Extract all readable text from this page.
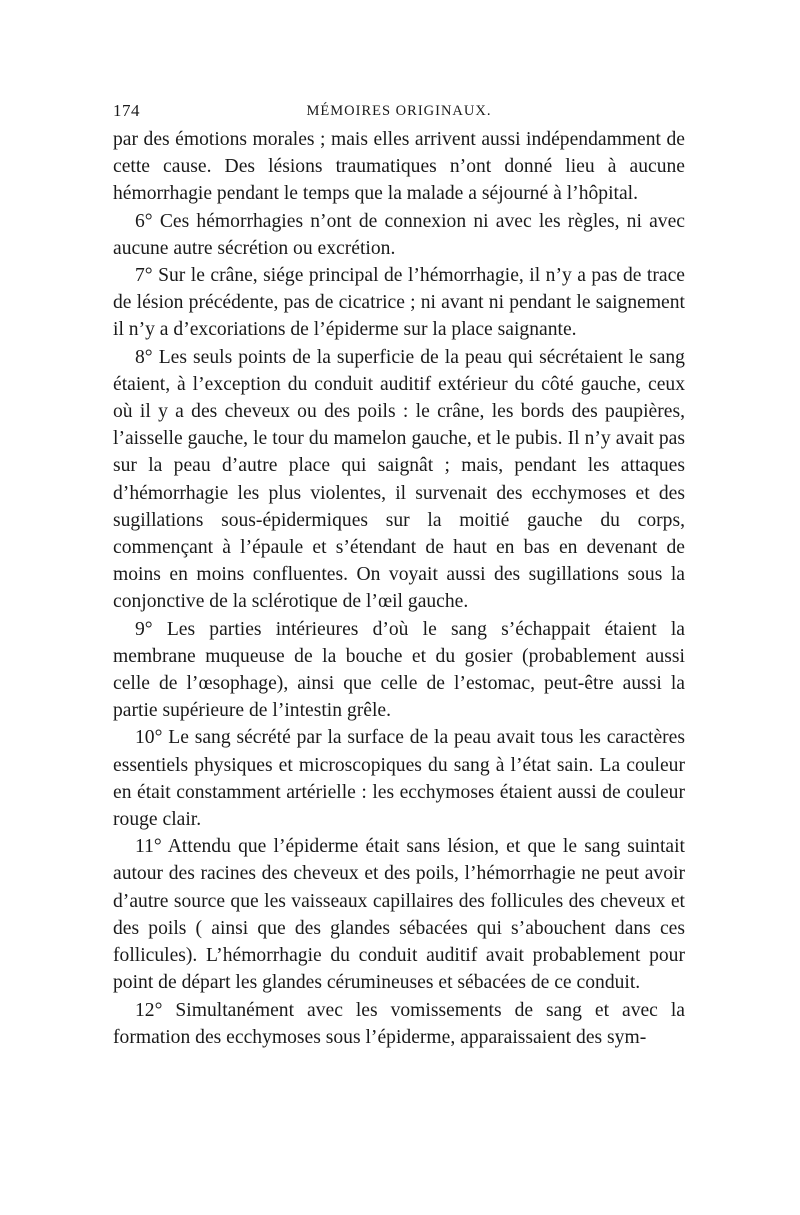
174	MÉMOIRES ORIGINAUX.

par des émotions morales ; mais elles arrivent aussi indépendamment de cette cause. Des lésions traumatiques n’ont donné lieu à aucune hémorrhagie pendant le temps que la malade a séjourné à l’hôpital.

6° Ces hémorrhagies n’ont de connexion ni avec les règles, ni avec aucune autre sécrétion ou excrétion.

7° Sur le crâne, siége principal de l’hémorrhagie, il n’y a pas de trace de lésion précédente, pas de cicatrice ; ni avant ni pendant le saignement il n’y a d’excoriations de l’épiderme sur la place saignante.

8° Les seuls points de la superficie de la peau qui sécrétaient le sang étaient, à l’exception du conduit auditif extérieur du côté gauche, ceux où il y a des cheveux ou des poils : le crâne, les bords des paupières, l’aisselle gauche, le tour du mamelon gauche, et le pubis. Il n’y avait pas sur la peau d’autre place qui saignât ; mais, pendant les attaques d’hémorrhagie les plus violentes, il survenait des ecchymoses et des sugillations sous-épidermiques sur la moitié gauche du corps, commençant à l’épaule et s’étendant de haut en bas en devenant de moins en moins confluentes. On voyait aussi des sugillations sous la conjonctive de la sclérotique de l’œil gauche.

9° Les parties intérieures d’où le sang s’échappait étaient la membrane muqueuse de la bouche et du gosier (probablement aussi celle de l’œsophage), ainsi que celle de l’estomac, peut-être aussi la partie supérieure de l’intestin grêle.

10° Le sang sécrété par la surface de la peau avait tous les caractères essentiels physiques et microscopiques du sang à l’état sain. La couleur en était constamment artérielle : les ecchymoses étaient aussi de couleur rouge clair.

11° Attendu que l’épiderme était sans lésion, et que le sang suintait autour des racines des cheveux et des poils, l’hémorrhagie ne peut avoir d’autre source que les vaisseaux capillaires des follicules des cheveux et des poils ( ainsi que des glandes sébacées qui s’abouchent dans ces follicules). L’hémorrhagie du conduit auditif avait probablement pour point de départ les glandes cérumineuses et sébacées de ce conduit.

12° Simultanément avec les vomissements de sang et avec la formation des ecchymoses sous l’épiderme, apparaissaient des sym-
